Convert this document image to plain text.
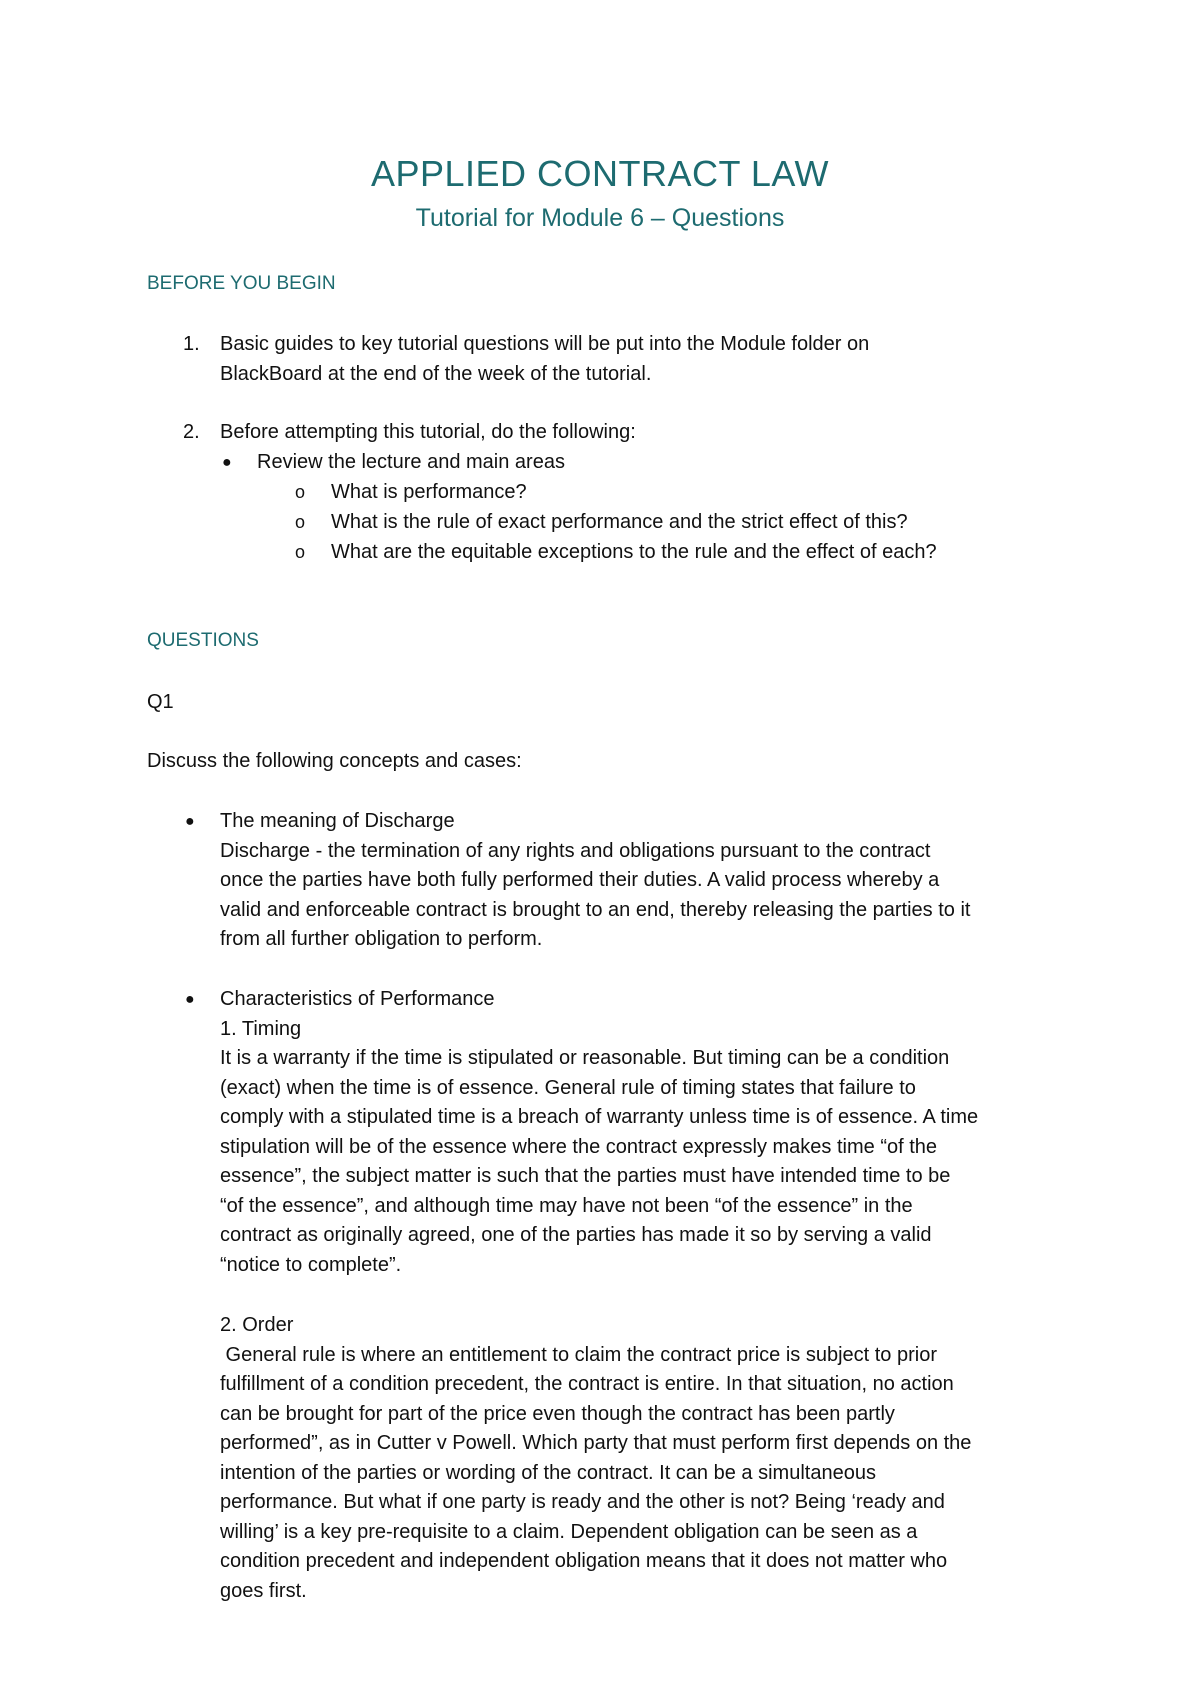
APPLIED CONTRACT LAW
Tutorial for Module 6 – Questions
BEFORE YOU BEGIN
1. Basic guides to key tutorial questions will be put into the Module folder on
BlackBoard at the end of the week of the tutorial.
2. Before attempting this tutorial, do the following:
● Review the lecture and main areas
o What is performance?
o What is the rule of exact performance and the strict effect of this?
o What are the equitable exceptions to the rule and the effect of each?
QUESTIONS
Q1
Discuss the following concepts and cases:
● The meaning of Discharge

Discharge - the termination of any rights and obligations pursuant to the contract

once the parties have both fully performed their duties. A valid process whereby a

valid and enforceable contract is brought to an end, thereby releasing the parties to it

from all further obligation to perform.

● Characteristics of Performance

1. Timing

It is a warranty if the time is stipulated or reasonable. But timing can be a condition

(exact) when the time is of essence. General rule of timing states that failure to

comply with a stipulated time is a breach of warranty unless time is of essence. A time

stipulation will be of the essence where the contract expressly makes time “of the

essence”, the subject matter is such that the parties must have intended time to be

“of the essence”, and although time may have not been “of the essence” in the

contract as originally agreed, one of the parties has made it so by serving a valid

“notice to complete”.

2. Order

General rule is where an entitlement to claim the contract price is subject to prior

fulfillment of a condition precedent, the contract is entire. In that situation, no action

can be brought for part of the price even though the contract has been partly

performed”, as in Cutter v Powell. Which party that must perform first depends on the

intention of the parties or wording of the contract. It can be a simultaneous

performance. But what if one party is ready and the other is not? Being ‘ready and

willing’ is a key pre-requisite to a claim. Dependent obligation can be seen as a

condition precedent and independent obligation means that it does not matter who

goes first.
